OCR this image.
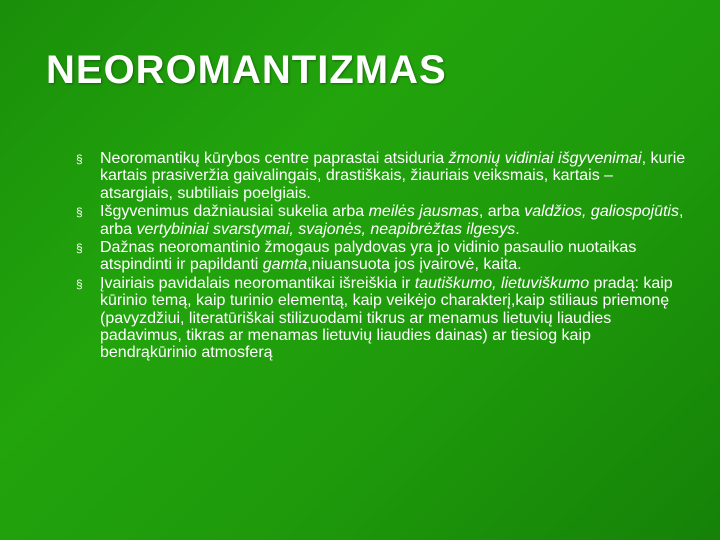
NEOROMANTIZMAS
§ Neoromantikų kūrybos centre paprastai atsiduria žmonių vidiniai išgyvenimai, kurie kartais prasiveržia gaivalingais, drastiškais, žiauriais veiksmais, kartais – atsargiais, subtiliais poelgiais.
§ Išgyvenimus dažniausiai sukelia arba meilės jausmas, arba valdžios, galiospojūtis, arba vertybiniai svarstymai, svajonės, neapibrėžtas ilgesys.
§ Dažnas neoromantinio žmogaus palydovas yra jo vidinio pasaulio nuotaikas atspindinti ir papildanti gamta,niuansuota jos įvairovė, kaita.
§ Įvairiais pavidalais neoromantikai išreiškia ir tautiškumo, lietuviškumo pradą: kaip kūrinio temą, kaip turinio elementą, kaip veikėjo charakterį,kaip stiliaus priemonę (pavyzdžiui, literatūriškai stilizuodami tikrus ar menamus lietuvių liaudies padavimus, tikras ar menamas lietuvių liaudies dainas) ar tiesiog kaip bendrąkūrinio atmosferą
